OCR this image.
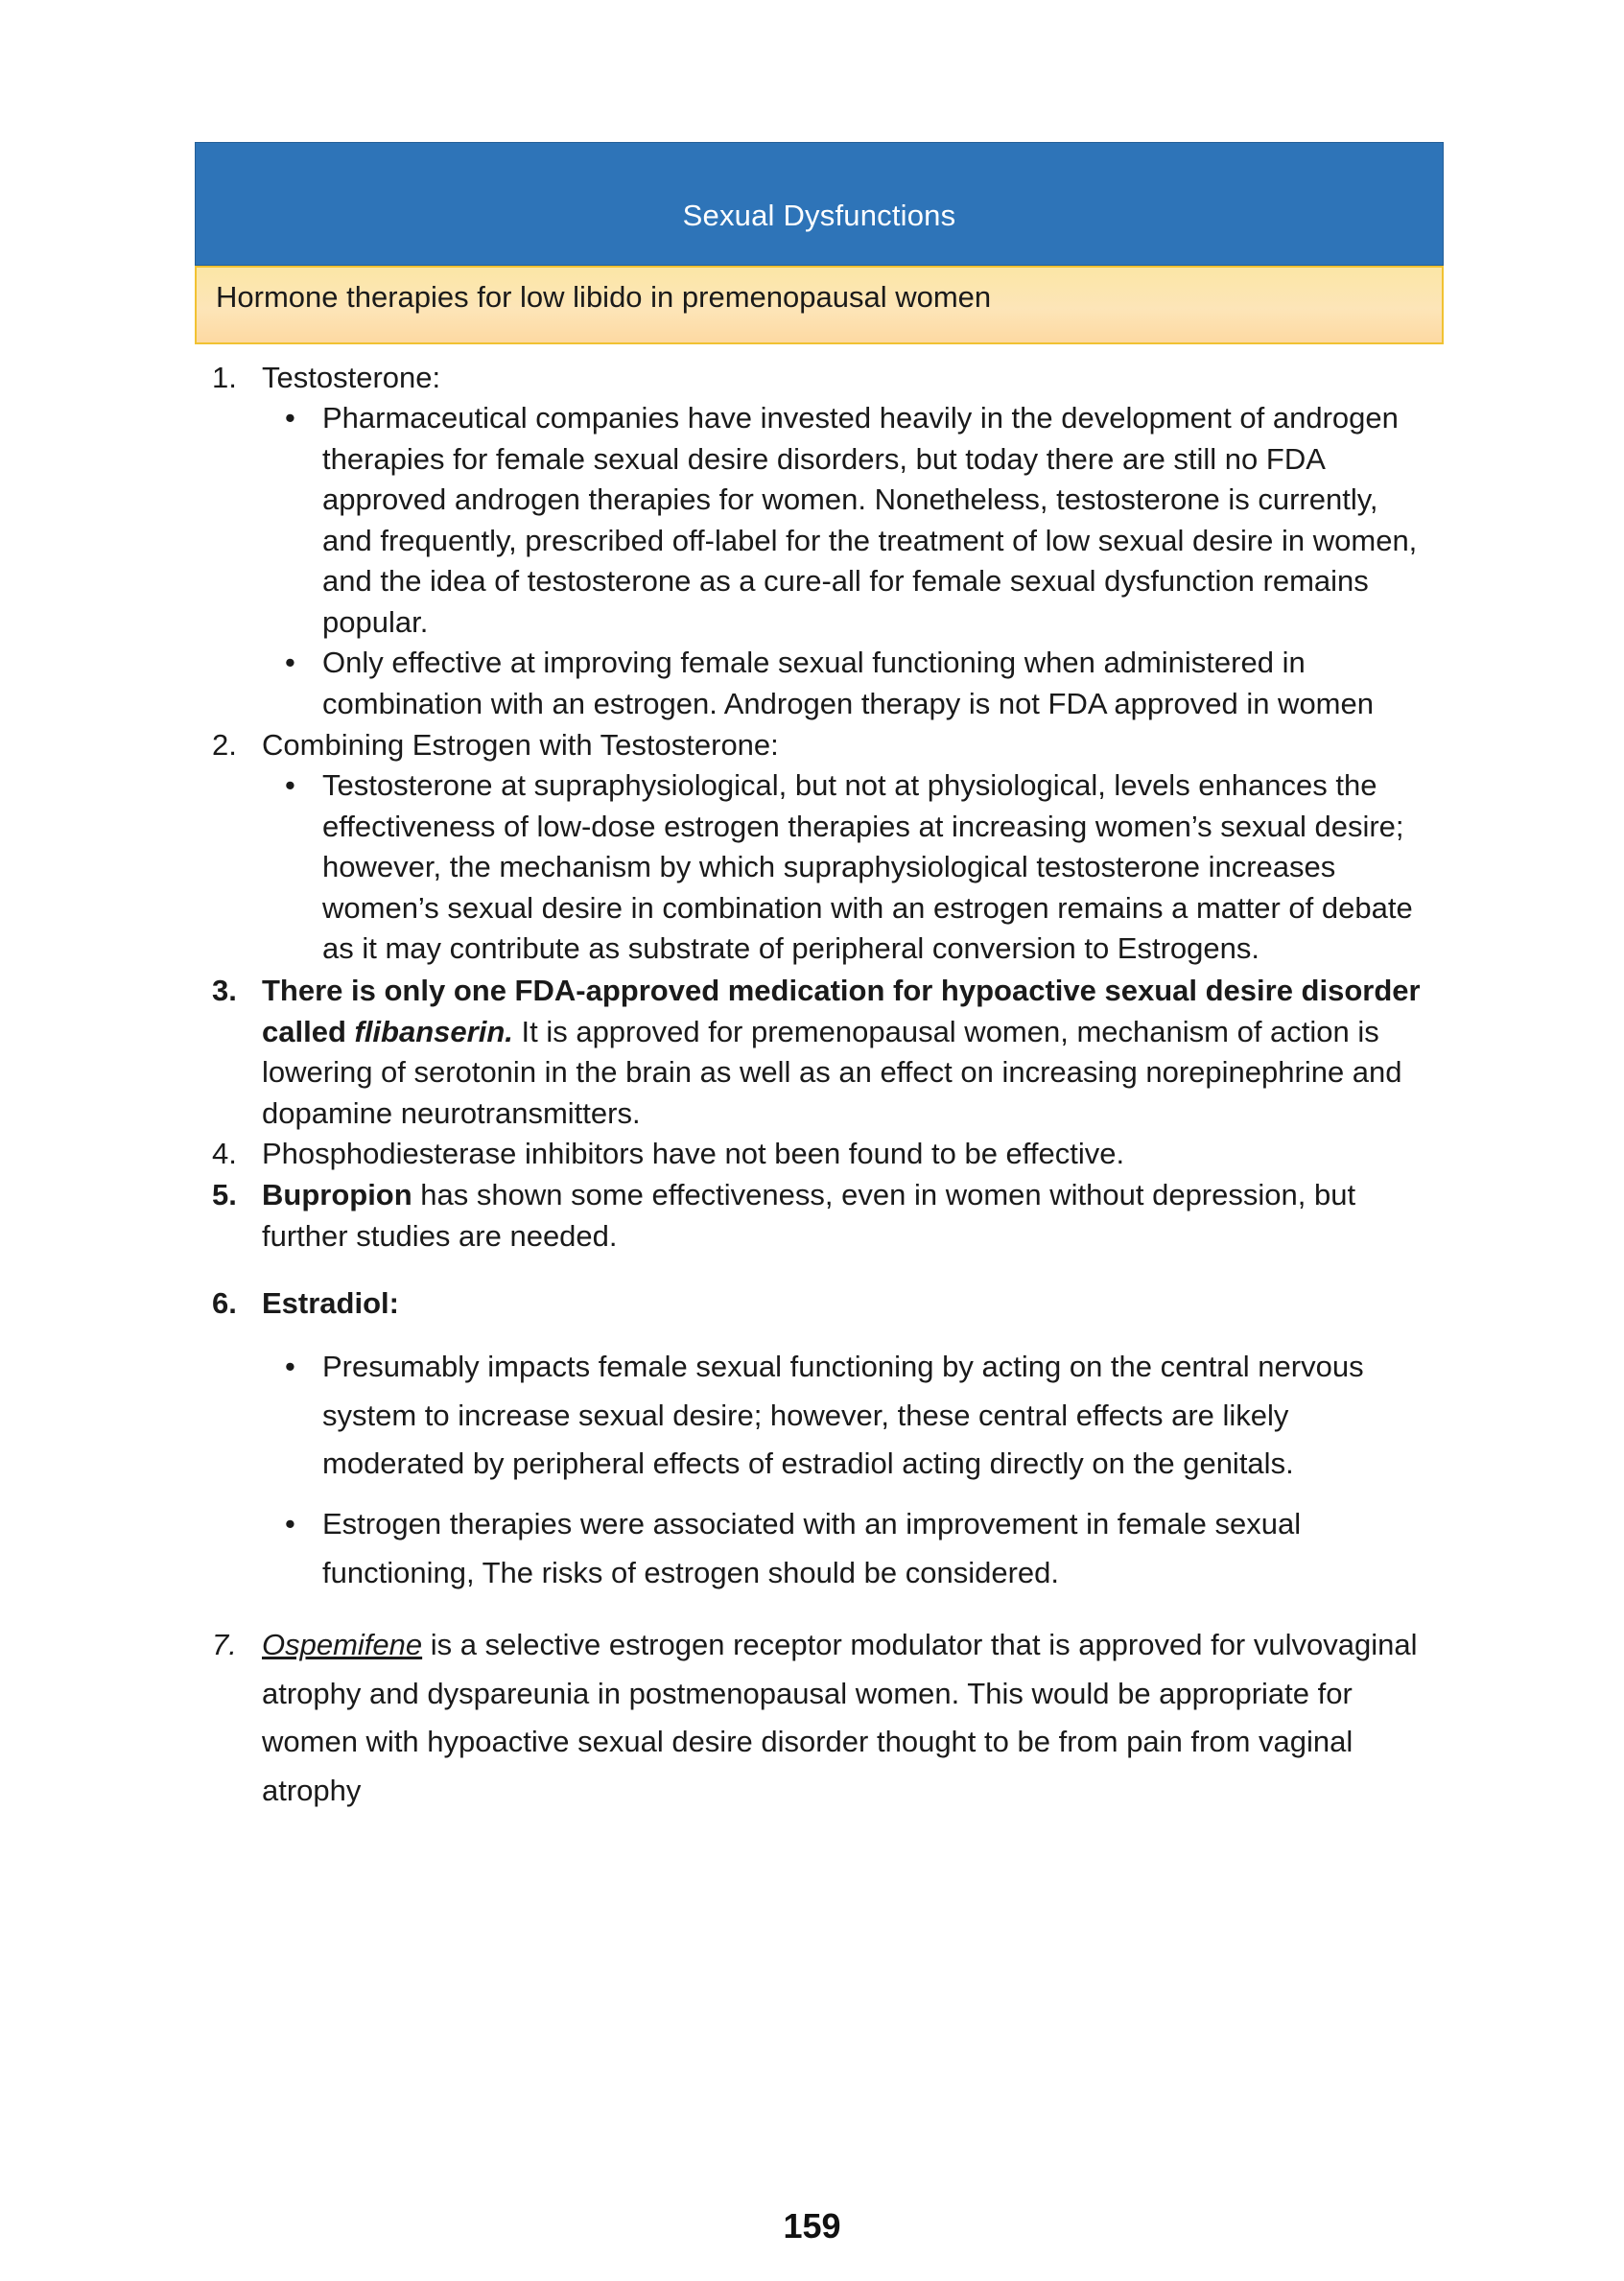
Sexual Dysfunctions
Hormone therapies for low libido in premenopausal women
1. Testosterone:
• Pharmaceutical companies have invested heavily in the development of androgen therapies for female sexual desire disorders, but today there are still no FDA approved androgen therapies for women. Nonetheless, testosterone is currently, and frequently, prescribed off-label for the treatment of low sexual desire in women, and the idea of testosterone as a cure-all for female sexual dysfunction remains popular.
• Only effective at improving female sexual functioning when administered in combination with an estrogen. Androgen therapy is not FDA approved in women
2. Combining Estrogen with Testosterone:
• Testosterone at supraphysiological, but not at physiological, levels enhances the effectiveness of low-dose estrogen therapies at increasing women’s sexual desire; however, the mechanism by which supraphysiological testosterone increases women’s sexual desire in combination with an estrogen remains a matter of debate as it may contribute as substrate of peripheral conversion to Estrogens.
3. There is only one FDA-approved medication for hypoactive sexual desire disorder called flibanserin. It is approved for premenopausal women, mechanism of action is lowering of serotonin in the brain as well as an effect on increasing norepinephrine and dopamine neurotransmitters.
4. Phosphodiesterase inhibitors have not been found to be effective.
5. Bupropion has shown some effectiveness, even in women without depression, but further studies are needed.
6. Estradiol:
• Presumably impacts female sexual functioning by acting on the central nervous system to increase sexual desire; however, these central effects are likely moderated by peripheral effects of estradiol acting directly on the genitals.
• Estrogen therapies were associated with an improvement in female sexual functioning, The risks of estrogen should be considered.
7. Ospemifene is a selective estrogen receptor modulator that is approved for vulvovaginal atrophy and dyspareunia in postmenopausal women. This would be appropriate for women with hypoactive sexual desire disorder thought to be from pain from vaginal atrophy
159
